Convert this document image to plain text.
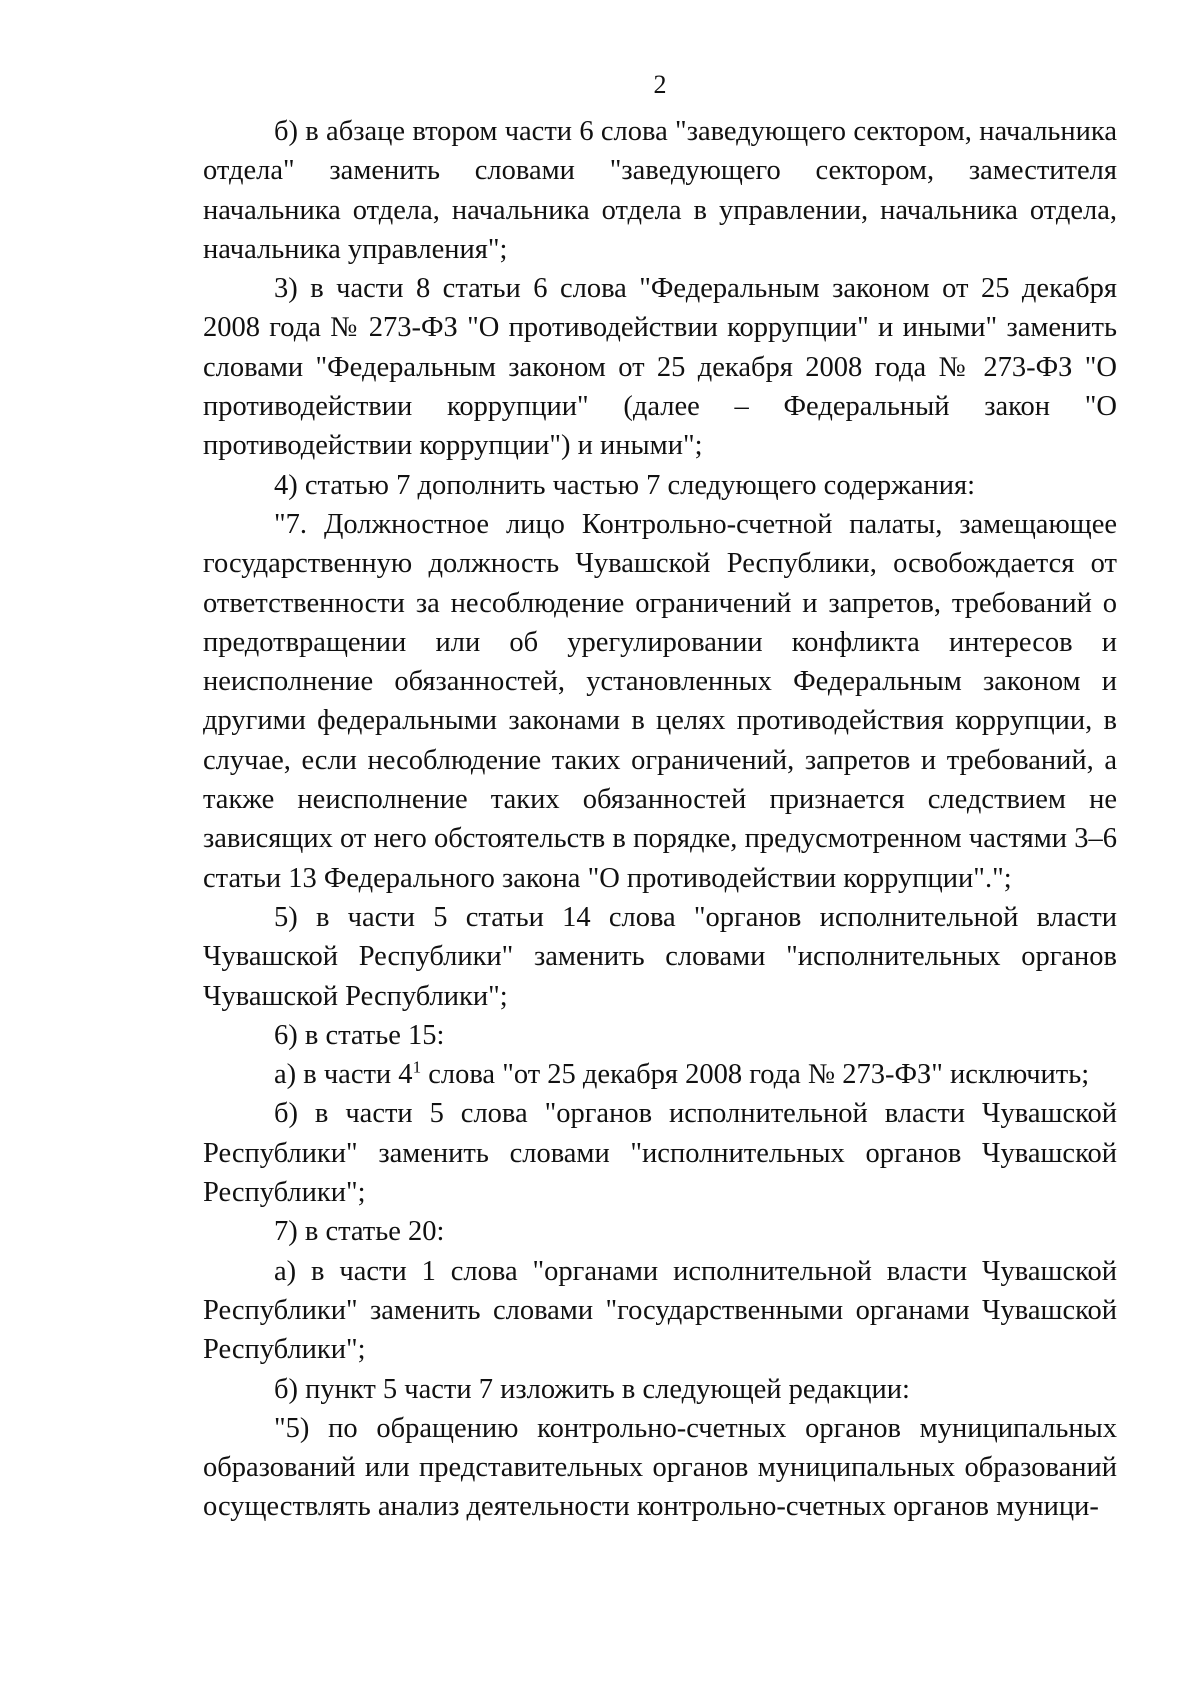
2

б) в абзаце втором части 6 слова "заведующего сектором, начальника отдела" заменить словами "заведующего сектором, заместителя начальника отдела, начальника отдела в управлении, начальника отдела, начальника управления";

3) в части 8 статьи 6 слова "Федеральным законом от 25 декабря 2008 года № 273-ФЗ "О противодействии коррупции" и иными" заменить словами "Федеральным законом от 25 декабря 2008 года № 273-ФЗ "О противодействии коррупции" (далее – Федеральный закон "О противодействии коррупции") и иными";

4) статью 7 дополнить частью 7 следующего содержания:

"7. Должностное лицо Контрольно-счетной палаты, замещающее государственную должность Чувашской Республики, освобождается от ответственности за несоблюдение ограничений и запретов, требований о предотвращении или об урегулировании конфликта интересов и неисполнение обязанностей, установленных Федеральным законом и другими федеральными законами в целях противодействия коррупции, в случае, если несоблюдение таких ограничений, запретов и требований, а также неисполнение таких обязанностей признается следствием не зависящих от него обстоятельств в порядке, предусмотренном частями 3–6 статьи 13 Федерального закона "О противодействии коррупции".";

5) в части 5 статьи 14 слова "органов исполнительной власти Чувашской Республики" заменить словами "исполнительных органов Чувашской Республики";

6) в статье 15:

а) в части $4^1$ слова "от 25 декабря 2008 года № 273-ФЗ" исключить;

б) в части 5 слова "органов исполнительной власти Чувашской Республики" заменить словами "исполнительных органов Чувашской Республики";

7) в статье 20:

а) в части 1 слова "органами исполнительной власти Чувашской Республики" заменить словами "государственными органами Чувашской Республики";

б) пункт 5 части 7 изложить в следующей редакции:

"5) по обращению контрольно-счетных органов муниципальных образований или представительных органов муниципальных образований осуществлять анализ деятельности контрольно-счетных органов муници-
